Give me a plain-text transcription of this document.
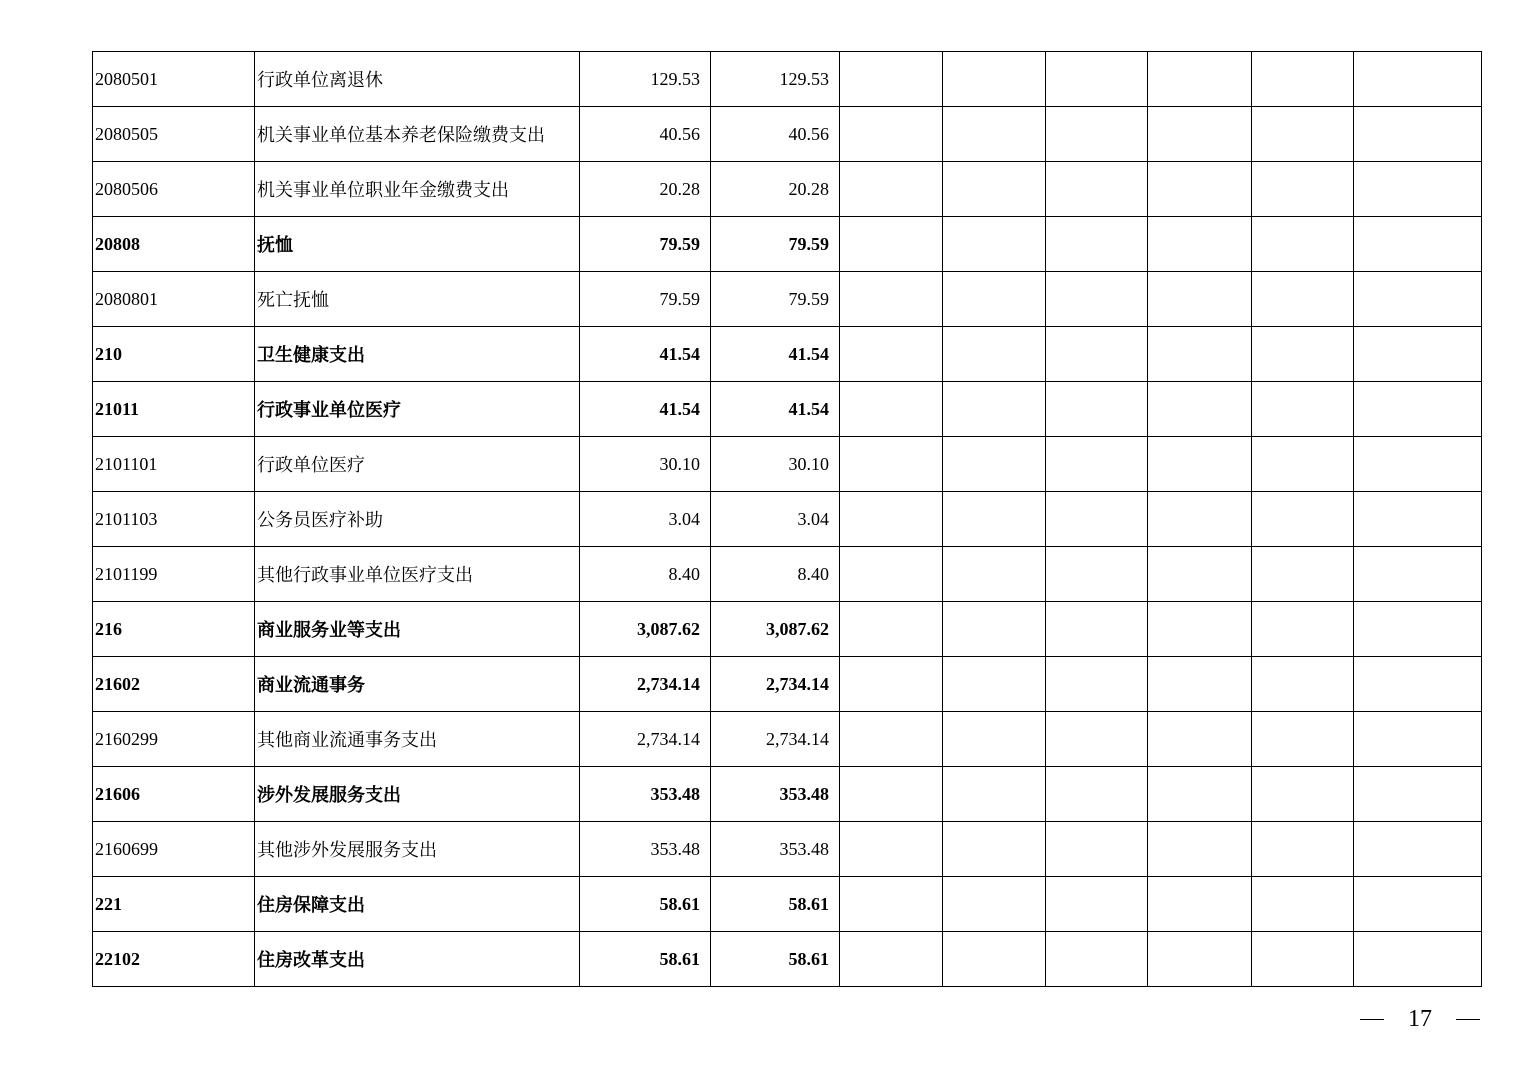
2080501	行政单位离退休	129.53	129.53						
2080505	机关事业单位基本养老保险缴费支出	40.56	40.56						
2080506	机关事业单位职业年金缴费支出	20.28	20.28						
20808	抚恤	79.59	79.59						
2080801	死亡抚恤	79.59	79.59						
210	卫生健康支出	41.54	41.54						
21011	行政事业单位医疗	41.54	41.54						
2101101	行政单位医疗	30.10	30.10						
2101103	公务员医疗补助	3.04	3.04						
2101199	其他行政事业单位医疗支出	8.40	8.40						
216	商业服务业等支出	3,087.62	3,087.62						
21602	商业流通事务	2,734.14	2,734.14						
2160299	其他商业流通事务支出	2,734.14	2,734.14						
21606	涉外发展服务支出	353.48	353.48						
2160699	其他涉外发展服务支出	353.48	353.48						
221	住房保障支出	58.61	58.61						
22102	住房改革支出	58.61	58.61						
17
